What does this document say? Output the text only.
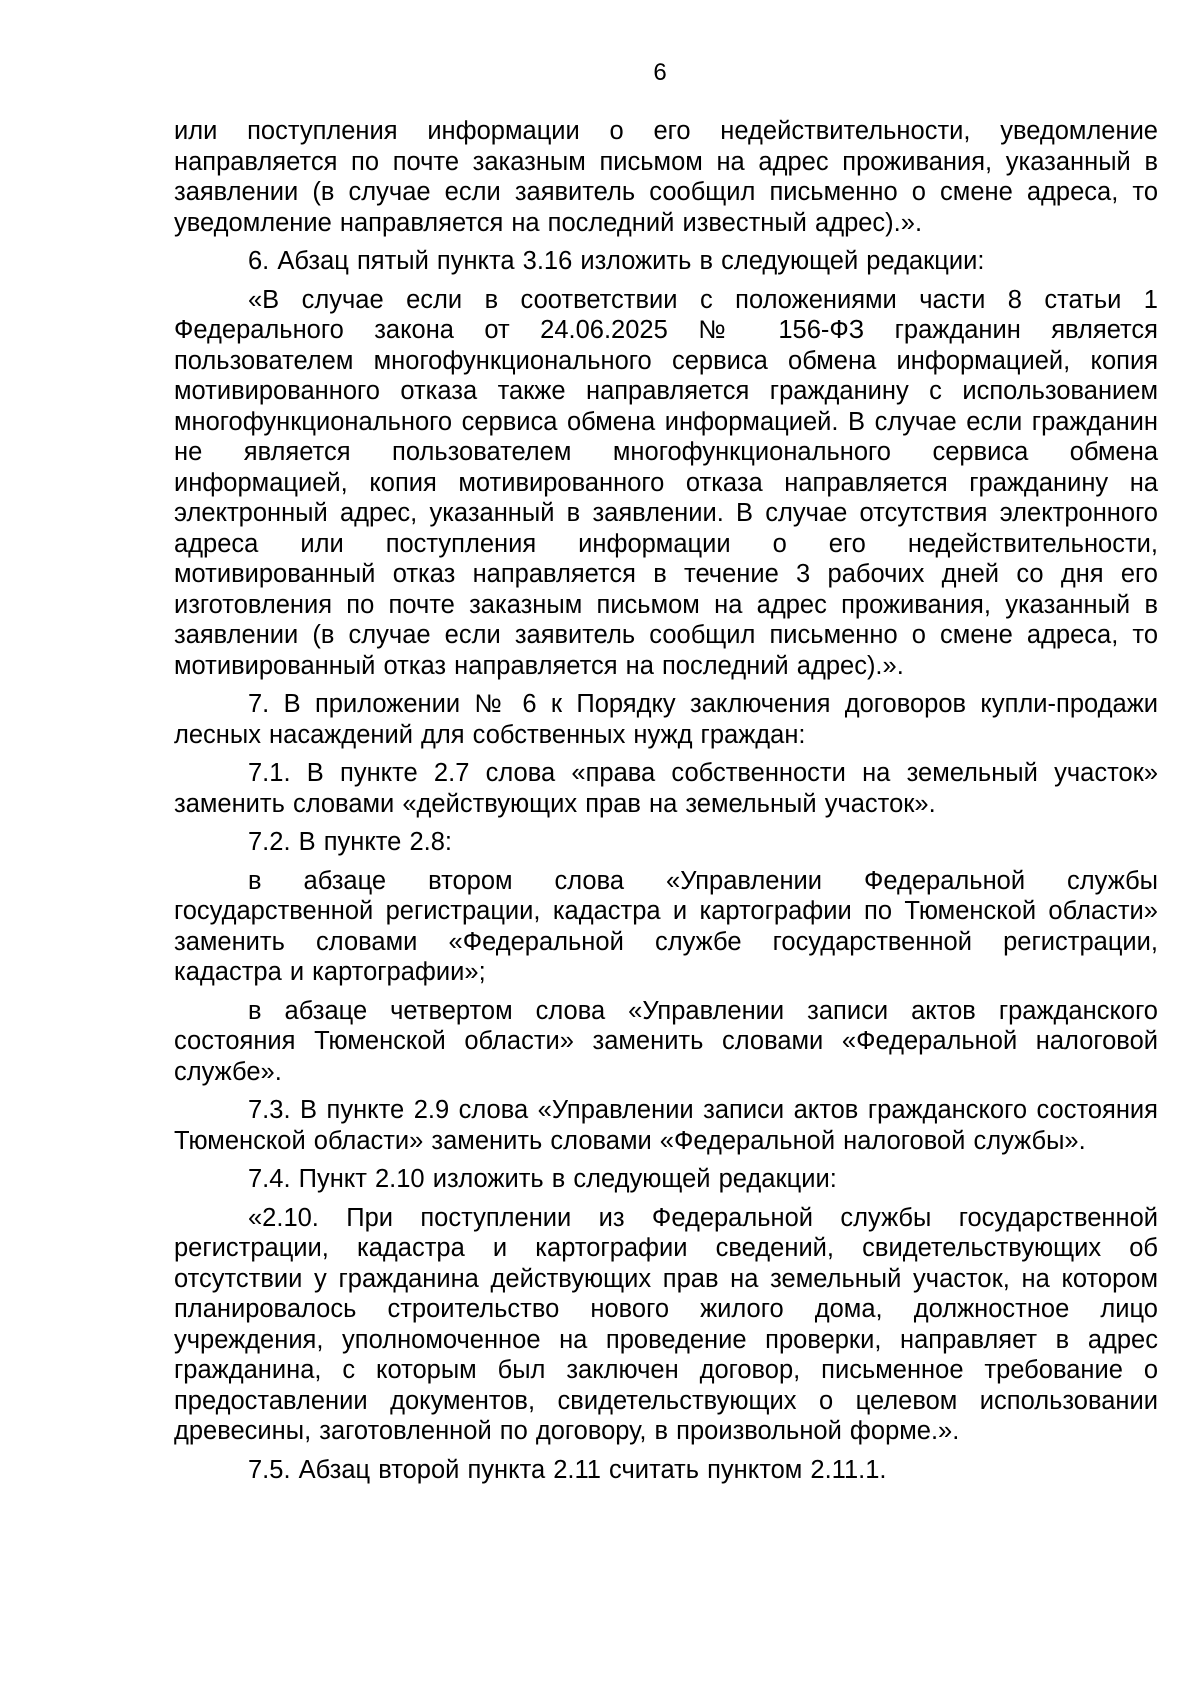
6

или поступления информации о его недействительности, уведомление направляется по почте заказным письмом на адрес проживания, указанный в заявлении (в случае если заявитель сообщил письменно о смене адреса, то уведомление направляется на последний известный адрес).».

6. Абзац пятый пункта 3.16 изложить в следующей редакции:

«В случае если в соответствии с положениями части 8 статьи 1 Федерального закона от 24.06.2025 № 156-ФЗ гражданин является пользователем многофункционального сервиса обмена информацией, копия мотивированного отказа также направляется гражданину с использованием многофункционального сервиса обмена информацией. В случае если гражданин не является пользователем многофункционального сервиса обмена информацией, копия мотивированного отказа направляется гражданину на электронный адрес, указанный в заявлении. В случае отсутствия электронного адреса или поступления информации о его недействительности, мотивированный отказ направляется в течение 3 рабочих дней со дня его изготовления по почте заказным письмом на адрес проживания, указанный в заявлении (в случае если заявитель сообщил письменно о смене адреса, то мотивированный отказ направляется на последний адрес).».

7. В приложении № 6 к Порядку заключения договоров купли-продажи лесных насаждений для собственных нужд граждан:

7.1. В пункте 2.7 слова «права собственности на земельный участок» заменить словами «действующих прав на земельный участок».

7.2. В пункте 2.8:

в абзаце втором слова «Управлении Федеральной службы государственной регистрации, кадастра и картографии по Тюменской области» заменить словами «Федеральной службе государственной регистрации, кадастра и картографии»;

в абзаце четвертом слова «Управлении записи актов гражданского состояния Тюменской области» заменить словами «Федеральной налоговой службе».

7.3. В пункте 2.9 слова «Управлении записи актов гражданского состояния Тюменской области» заменить словами «Федеральной налоговой службы».

7.4. Пункт 2.10 изложить в следующей редакции:

«2.10. При поступлении из Федеральной службы государственной регистрации, кадастра и картографии сведений, свидетельствующих об отсутствии у гражданина действующих прав на земельный участок, на котором планировалось строительство нового жилого дома, должностное лицо учреждения, уполномоченное на проведение проверки, направляет в адрес гражданина, с которым был заключен договор, письменное требование о предоставлении документов, свидетельствующих о целевом использовании древесины, заготовленной по договору, в произвольной форме.».

7.5. Абзац второй пункта 2.11 считать пунктом 2.11.1.
